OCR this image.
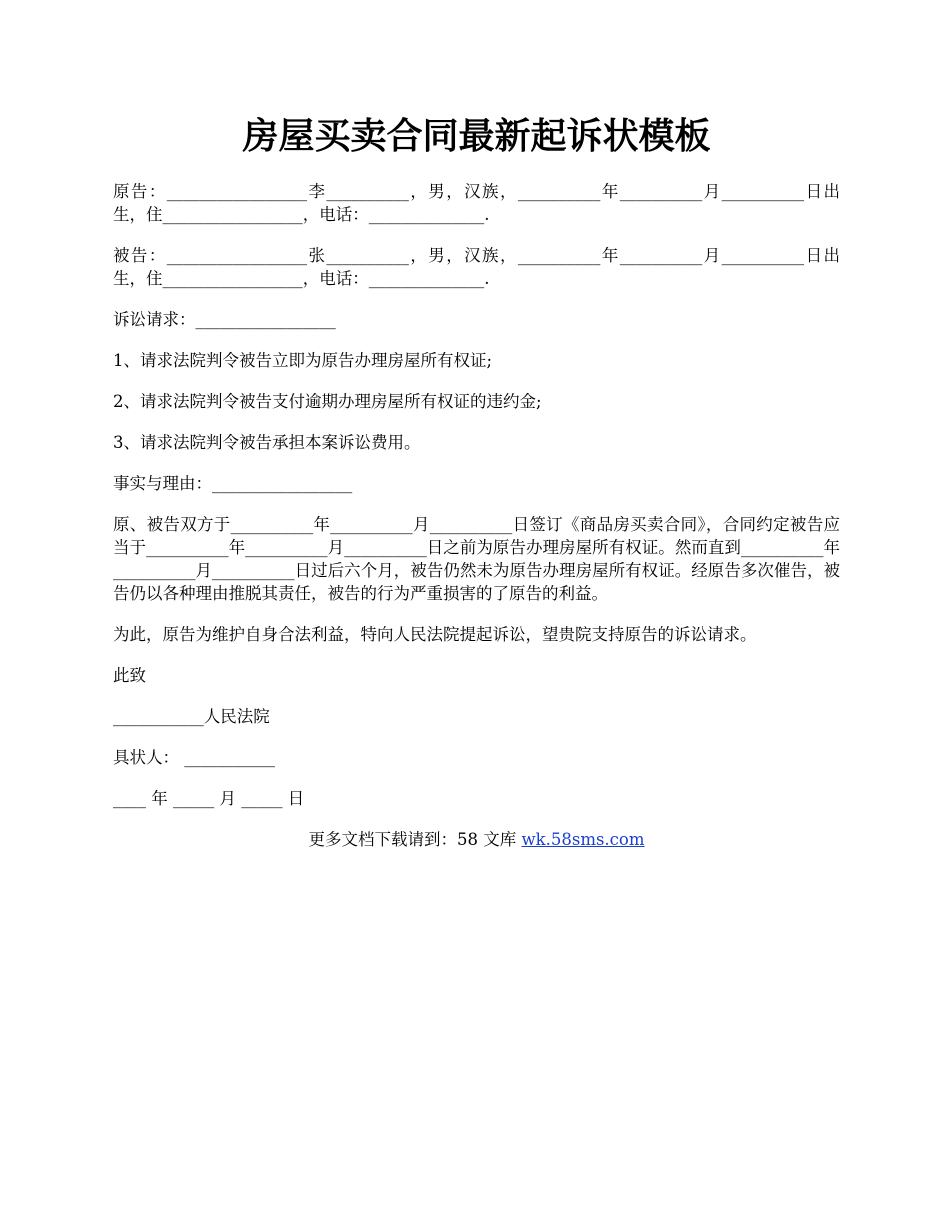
房屋买卖合同最新起诉状模板
原告：_________________李__________，男，汉族，__________年__________月__________日出生，住_________________，电话：______________.
被告：_________________张__________，男，汉族，__________年__________月__________日出生，住_________________，电话：______________.
诉讼请求：_________________
1、请求法院判令被告立即为原告办理房屋所有权证;
2、请求法院判令被告支付逾期办理房屋所有权证的违约金;
3、请求法院判令被告承担本案诉讼费用。
事实与理由：_________________
原、被告双方于__________年__________月__________日签订《商品房买卖合同》，合同约定被告应当于__________年__________月__________日之前为原告办理房屋所有权证。然而直到__________年__________月__________日过后六个月，被告仍然未为原告办理房屋所有权证。经原告多次催告，被告仍以各种理由推脱其责任，被告的行为严重损害的了原告的利益。
为此，原告为维护自身合法利益，特向人民法院提起诉讼，望贵院支持原告的诉讼请求。
此致
___________人民法院
具状人： ___________
____ 年 _____ 月 _____ 日
更多文档下载请到：58 文库 wk.58sms.com
